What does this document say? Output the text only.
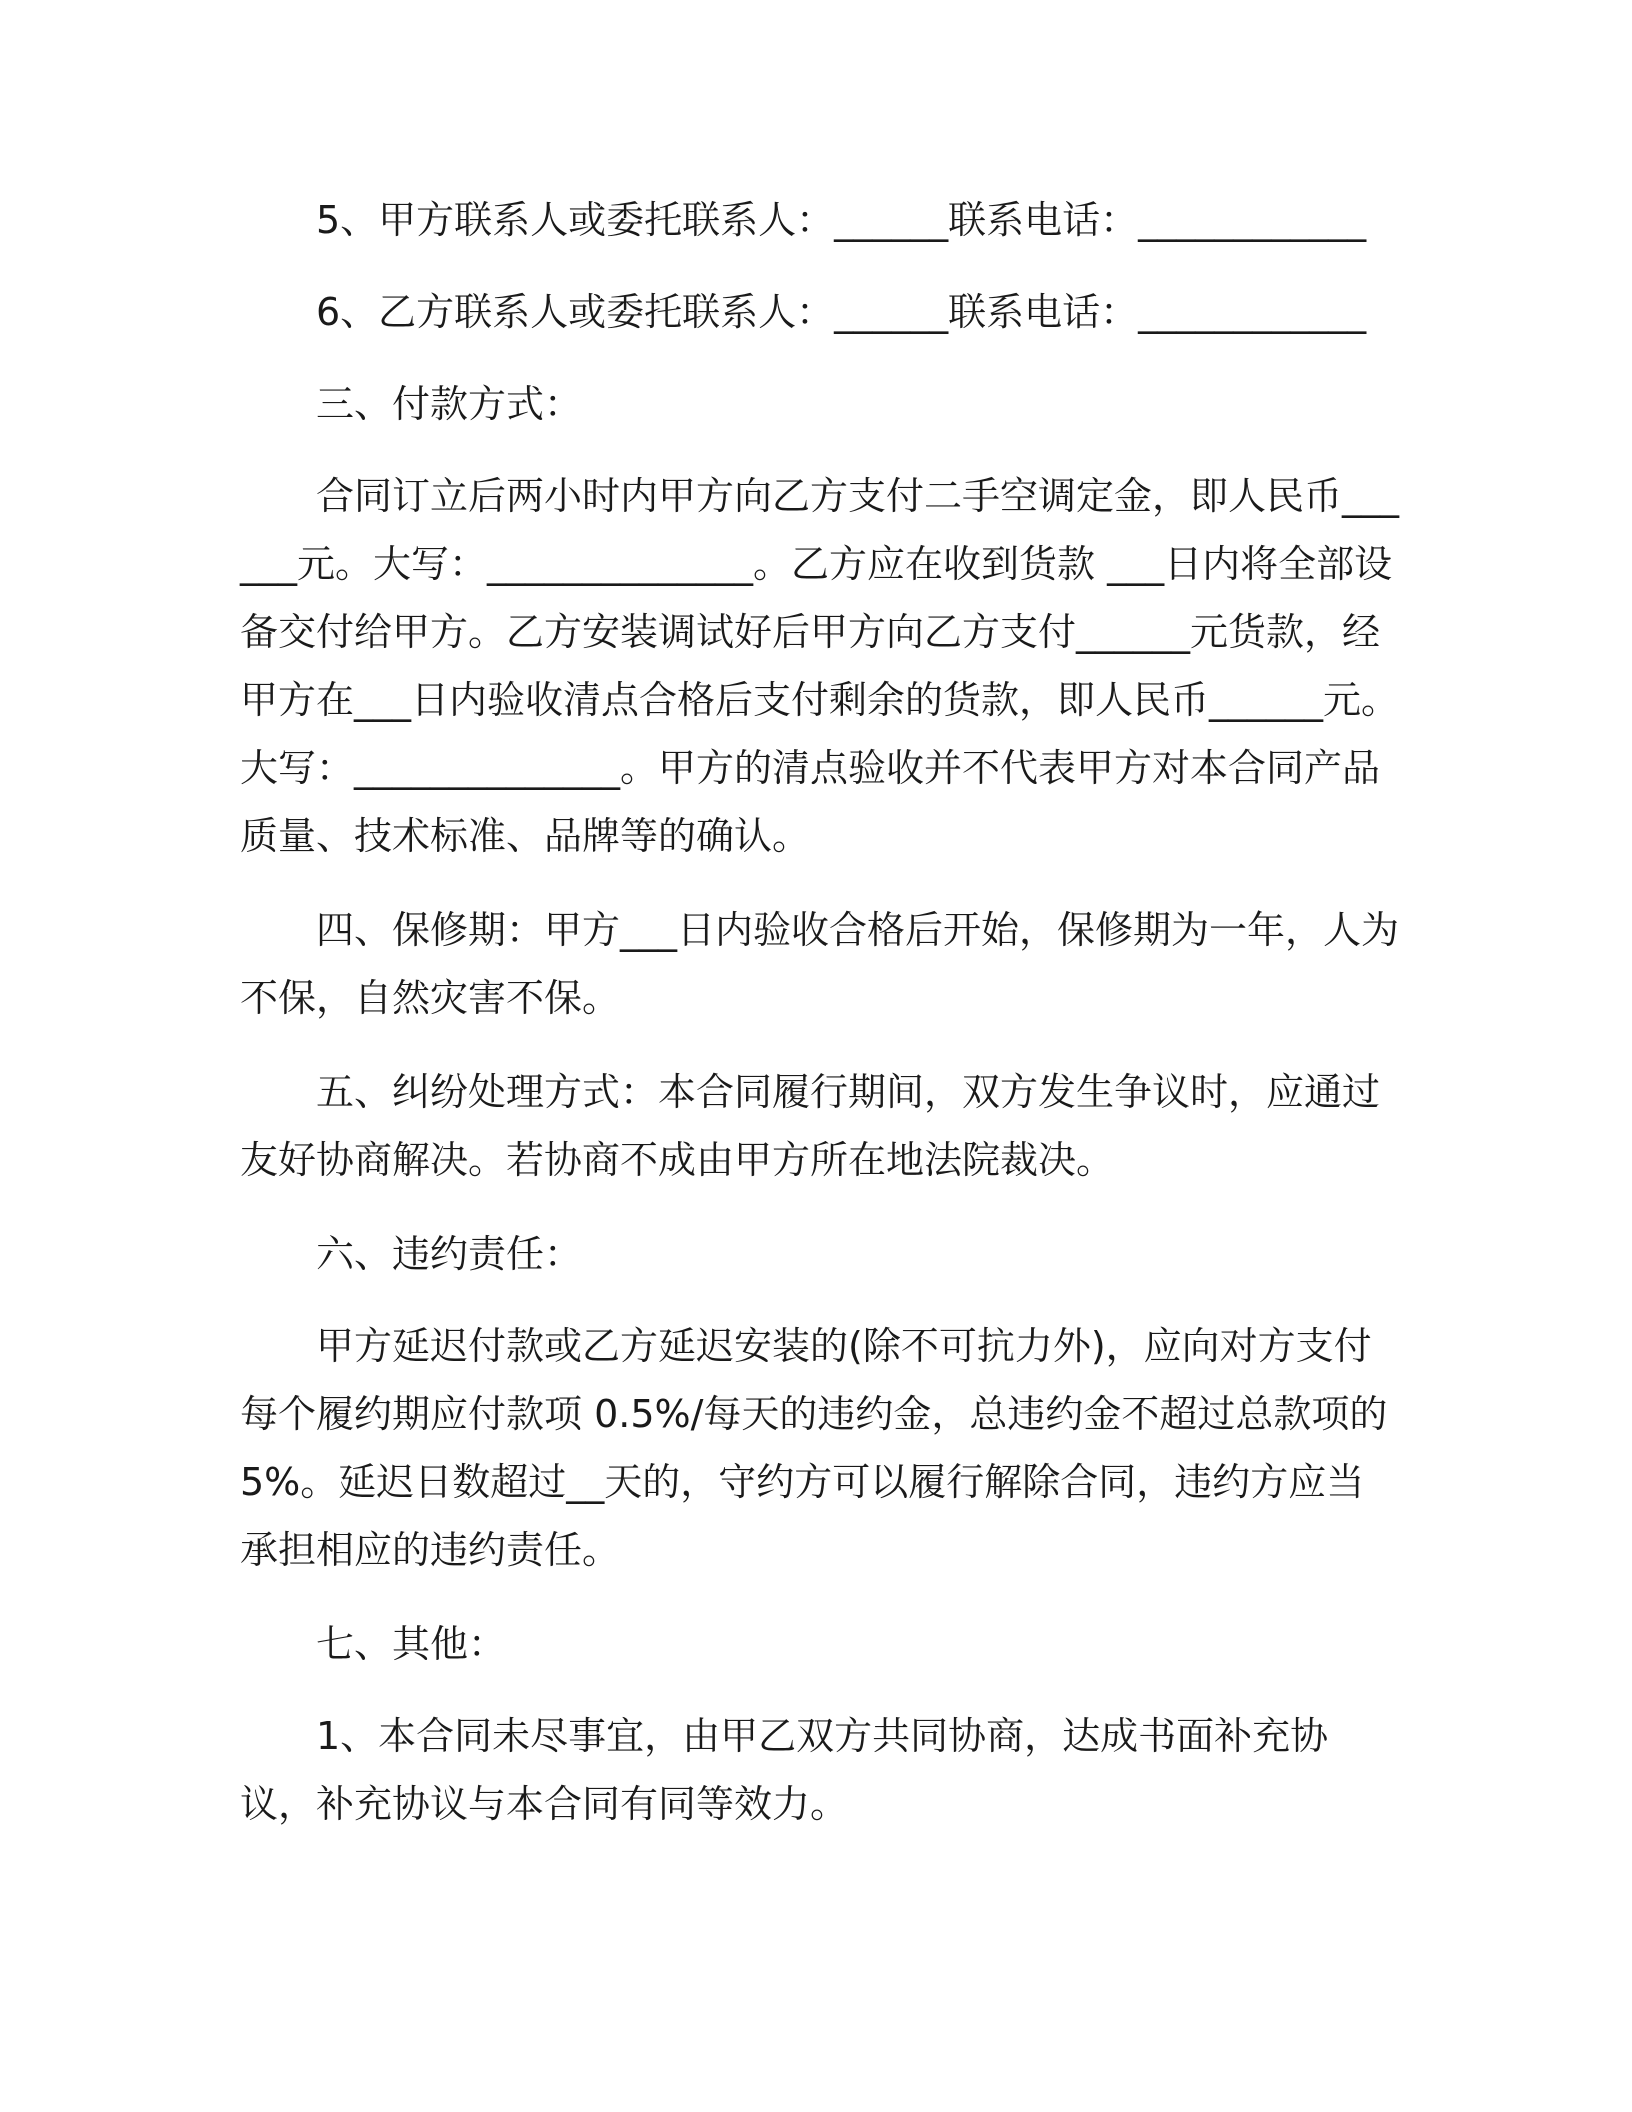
5、甲方联系人或委托联系人：______联系电话：____________

6、乙方联系人或委托联系人：______联系电话：____________

三、付款方式：

合同订立后两小时内甲方向乙方支付二手空调定金，即人民币______元。大写：______________。乙方应在收到货款 ___日内将全部设备交付给甲方。乙方安装调试好后甲方向乙方支付______元货款，经甲方在___日内验收清点合格后支付剩余的货款，即人民币______元。大写：______________。甲方的清点验收并不代表甲方对本合同产品质量、技术标准、品牌等的确认。

四、保修期：甲方___日内验收合格后开始，保修期为一年，人为不保，自然灾害不保。

五、纠纷处理方式：本合同履行期间，双方发生争议时，应通过友好协商解决。若协商不成由甲方所在地法院裁决。

六、违约责任：

甲方延迟付款或乙方延迟安装的(除不可抗力外)，应向对方支付每个履约期应付款项 0.5%/每天的违约金，总违约金不超过总款项的5%。延迟日数超过__天的，守约方可以履行解除合同，违约方应当承担相应的违约责任。

七、其他：

1、本合同未尽事宜，由甲乙双方共同协商，达成书面补充协议，补充协议与本合同有同等效力。
